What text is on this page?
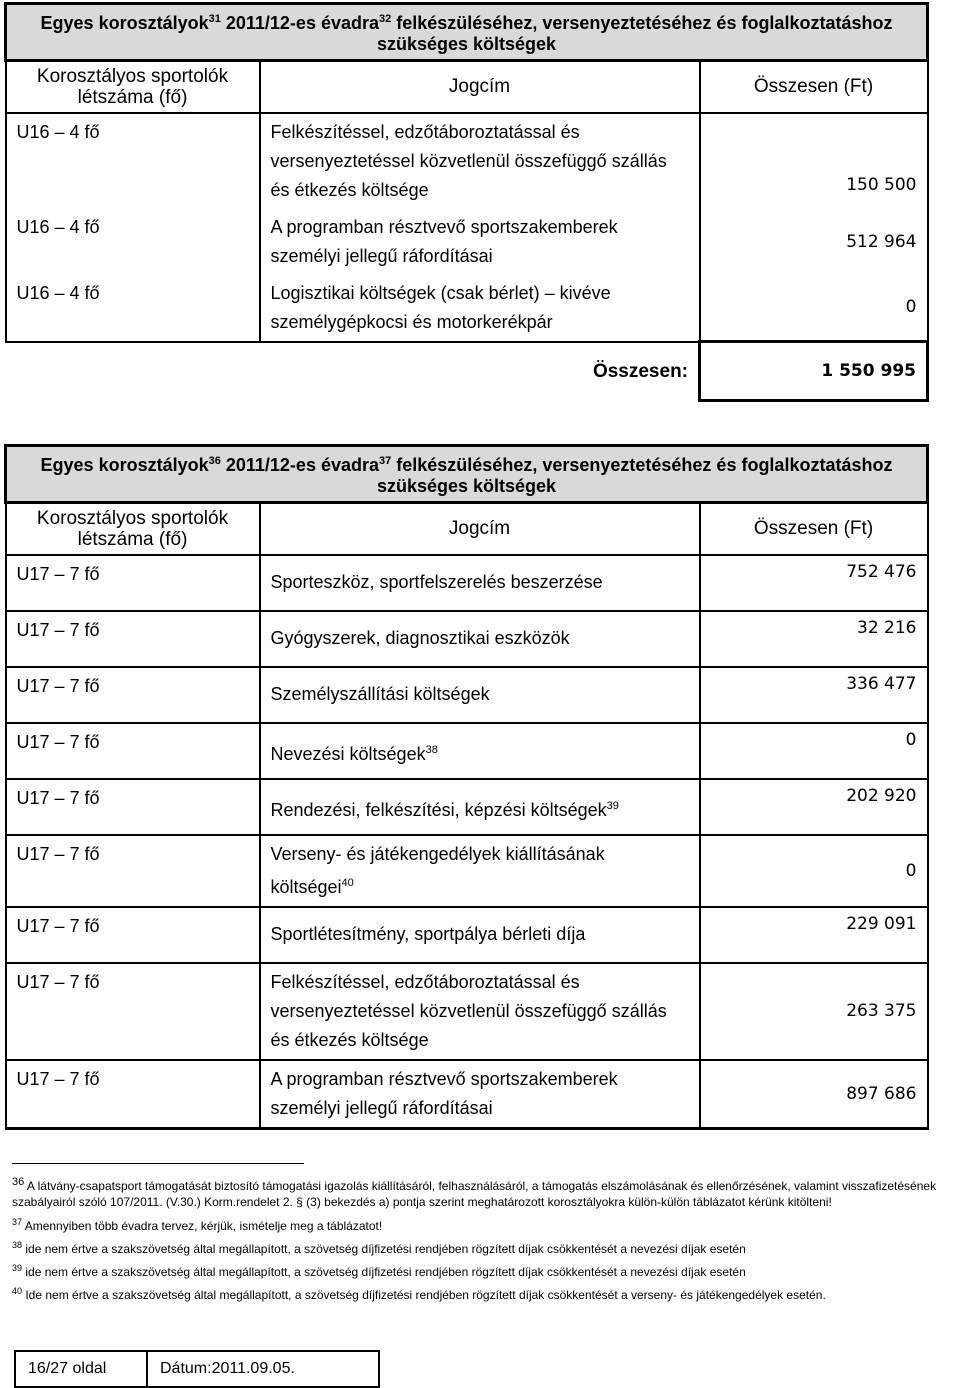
Egyes korosztályok$^{31}$ 2011/12-es évadra$^{32}$ felkészüléséhez, versenyeztetéséhez és foglalkoztatáshoz szükséges költségek		
Korosztályos sportolók létszáma (fő)	Jogcím	Összesen (Ft)
U16 – 4 fő	Felkészítéssel, edzőtáboroztatással és versenyeztetéssel közvetlenül összefüggő szállás és étkezés költsége	150 500
U16 – 4 fő	A programban résztvevő sportszakemberek személyi jellegű ráfordításai	512 964
U16 – 4 fő	Logisztikai költségek (csak bérlet) – kivéve személygépkocsi és motorkerékpár	0
	Összesen:	1 550 995
Egyes korosztályok$^{36}$ 2011/12-es évadra$^{37}$ felkészüléséhez, versenyeztetéséhez és foglalkoztatáshoz szükséges költségek		
Korosztályos sportolók létszáma (fő)	Jogcím	Összesen (Ft)
U17 – 7 fő	Sporteszköz, sportfelszerelés beszerzése	752 476
U17 – 7 fő	Gyógyszerek, diagnosztikai eszközök	32 216
U17 – 7 fő	Személyszállítási költségek	336 477
U17 – 7 fő	Nevezési költségek$^{38}$	0
U17 – 7 fő	Rendezési, felkészítési, képzési költségek$^{39}$	202 920
U17 – 7 fő	Verseny- és játékengedélyek kiállításának költségei$^{40}$	0
U17 – 7 fő	Sportlétesítmény, sportpálya bérleti díja	229 091
U17 – 7 fő	Felkészítéssel, edzőtáboroztatással és versenyeztetéssel közvetlenül összefüggő szállás és étkezés költsége	263 375
U17 – 7 fő	A programban résztvevő sportszakemberek személyi jellegű ráfordításai	897 686
$^{36}$ A látvány-csapatsport támogatását biztosító támogatási igazolás kiállításáról, felhasználásáról, a támogatás elszámolásának és ellenőrzésének, valamint visszafizetésének szabályairól szóló 107/2011. (V.30.) Korm.rendelet 2. § (3) bekezdés a) pontja szerint meghatározott korosztályokra külön-külön táblázatot kérünk kitölteni!
$^{37}$ Amennyiben több évadra tervez, kérjük, ismételje meg a táblázatot!
$^{38}$ ide nem értve a szakszövetség által megállapított, a szövetség díjfizetési rendjében rögzített díjak csökkentését a nevezési díjak esetén
$^{39}$ ide nem értve a szakszövetség által megállapított, a szövetség díjfizetési rendjében rögzített díjak csökkentését a nevezési díjak esetén
$^{40}$ Ide nem értve a szakszövetség által megállapított, a szövetség díjfizetési rendjében rögzített díjak csökkentését a verseny- és játékengedélyek esetén.
16/27 oldal	Dátum:2011.09.05.
